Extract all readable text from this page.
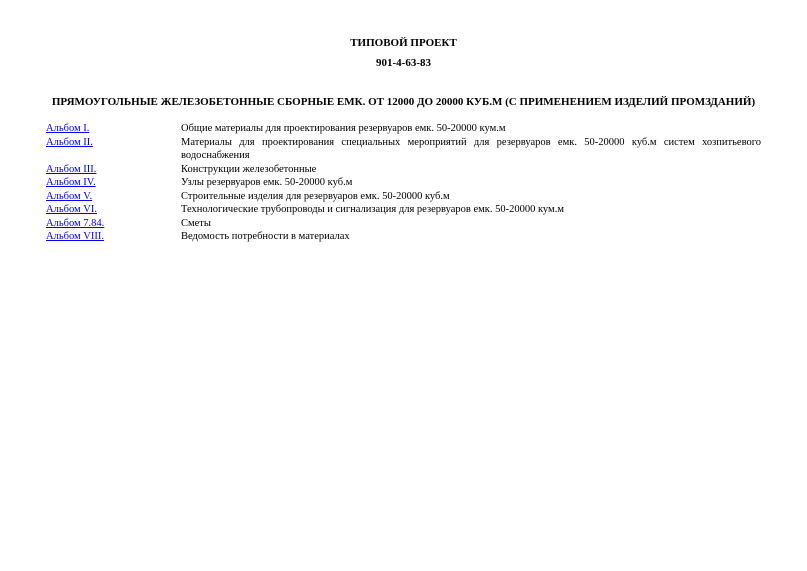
ТИПОВОЙ ПРОЕКТ

901-4-63-83

ПРЯМОУГОЛЬНЫЕ ЖЕЛЕЗОБЕТОННЫЕ СБОРНЫЕ ЕМК. ОТ 12000 ДО 20000 КУБ.М (С ПРИМЕНЕНИЕМ ИЗДЕЛИЙ ПРОМЗДАНИЙ)

Альбом I.	Общие материалы для проектирования резервуаров емк. 50-20000 кум.м
Альбом II.	Материалы для проектирования специальных мероприятий для резервуаров емк. 50-20000 куб.м систем хозпитьевого водоснабжения
Альбом III.	Конструкции железобетонные
Альбом IV.	Узлы резервуаров емк. 50-20000 куб.м
Альбом V.	Строительные изделия для резервуаров емк. 50-20000 куб.м
Альбом VI.	Технологические трубопроводы и сигнализация для резервуаров емк. 50-20000 кум.м
Альбом 7.84.	Сметы
Альбом VIII.	Ведомость потребности в материалах
